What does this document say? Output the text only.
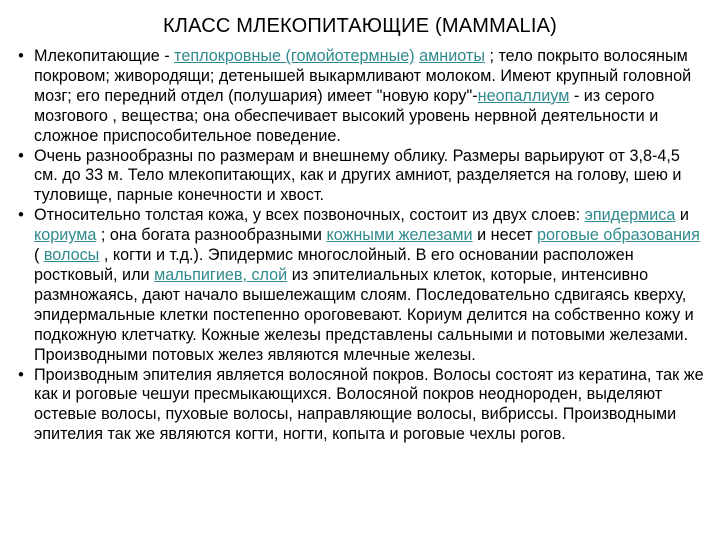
КЛАСС МЛЕКОПИТАЮЩИЕ (MAMMALIA)
• Млекопитающие - теплокровные (гомойотермные) амниоты ; тело покрыто волосяным покровом; живородящи; детенышей выкармливают молоком. Имеют крупный головной мозг; его передний отдел (полушария) имеет "новую кору"-неопаллиум - из серого мозгового , вещества; она обеспечивает высокий уровень нервной деятельности и сложное приспособительное поведение.
• Очень разнообразны по размерам и внешнему облику. Размеры варьируют от 3,8-4,5 см. до 33 м. Тело млекопитающих, как и других амниот, разделяется на голову, шею и туловище, парные конечности и хвост.
• Относительно толстая кожа, у всех позвоночных, состоит из двух слоев: эпидермиса и кориума ; она богата разнообразными кожными железами и несет роговые образования ( волосы , когти и т.д.). Эпидермис многослойный. В его основании расположен ростковый, или мальпигиев, слой из эпителиальных клеток, которые, интенсивно размножаясь, дают начало вышележащим слоям. Последовательно сдвигаясь кверху, эпидермальные клетки постепенно ороговевают. Кориум делится на собственно кожу и подкожную клетчатку. Кожные железы представлены сальными и потовыми железами. Производными потовых желез являются млечные железы.
• Производным эпителия является волосяной покров. Волосы состоят из кератина, так же как и роговые чешуи пресмыкающихся. Волосяной покров неоднороден, выделяют остевые волосы, пуховые волосы, направляющие волосы, вибриссы. Производными эпителия так же являются когти, ногти, копыта и роговые чехлы рогов.
